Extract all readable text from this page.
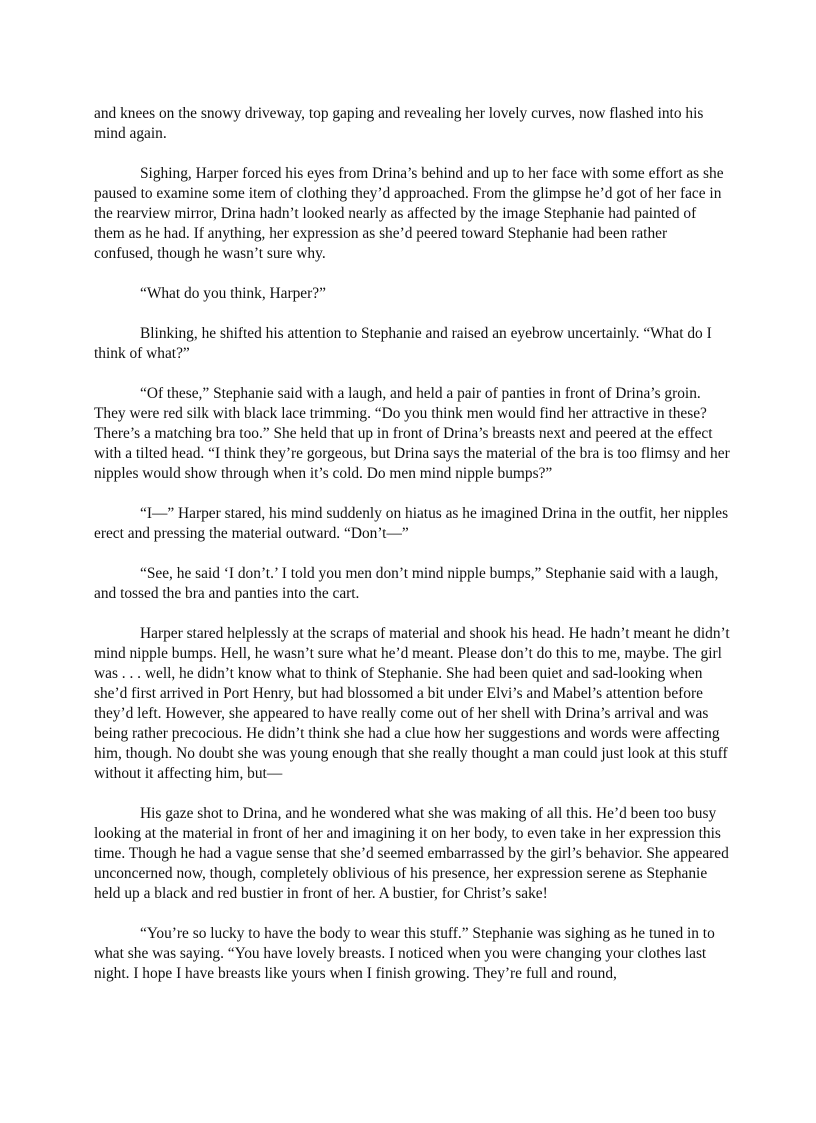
and knees on the snowy driveway, top gaping and revealing her lovely curves, now flashed into his mind again.

Sighing, Harper forced his eyes from Drina’s behind and up to her face with some effort as she paused to examine some item of clothing they’d approached. From the glimpse he’d got of her face in the rearview mirror, Drina hadn’t looked nearly as affected by the image Stephanie had painted of them as he had. If anything, her expression as she’d peered toward Stephanie had been rather confused, though he wasn’t sure why.

“What do you think, Harper?”

Blinking, he shifted his attention to Stephanie and raised an eyebrow uncertainly. “What do I think of what?”

“Of these,” Stephanie said with a laugh, and held a pair of panties in front of Drina’s groin. They were red silk with black lace trimming. “Do you think men would find her attractive in these? There’s a matching bra too.” She held that up in front of Drina’s breasts next and peered at the effect with a tilted head. “I think they’re gorgeous, but Drina says the material of the bra is too flimsy and her nipples would show through when it’s cold. Do men mind nipple bumps?”

“I—” Harper stared, his mind suddenly on hiatus as he imagined Drina in the outfit, her nipples erect and pressing the material outward. “Don’t—”

“See, he said ‘I don’t.’ I told you men don’t mind nipple bumps,” Stephanie said with a laugh, and tossed the bra and panties into the cart.

Harper stared helplessly at the scraps of material and shook his head. He hadn’t meant he didn’t mind nipple bumps. Hell, he wasn’t sure what he’d meant. Please don’t do this to me, maybe. The girl was . . . well, he didn’t know what to think of Stephanie. She had been quiet and sad-looking when she’d first arrived in Port Henry, but had blossomed a bit under Elvi’s and Mabel’s attention before they’d left. However, she appeared to have really come out of her shell with Drina’s arrival and was being rather precocious. He didn’t think she had a clue how her suggestions and words were affecting him, though. No doubt she was young enough that she really thought a man could just look at this stuff without it affecting him, but—

His gaze shot to Drina, and he wondered what she was making of all this. He’d been too busy looking at the material in front of her and imagining it on her body, to even take in her expression this time. Though he had a vague sense that she’d seemed embarrassed by the girl’s behavior. She appeared unconcerned now, though, completely oblivious of his presence, her expression serene as Stephanie held up a black and red bustier in front of her. A bustier, for Christ’s sake!

“You’re so lucky to have the body to wear this stuff.” Stephanie was sighing as he tuned in to what she was saying. “You have lovely breasts. I noticed when you were changing your clothes last night. I hope I have breasts like yours when I finish growing. They’re full and round,
